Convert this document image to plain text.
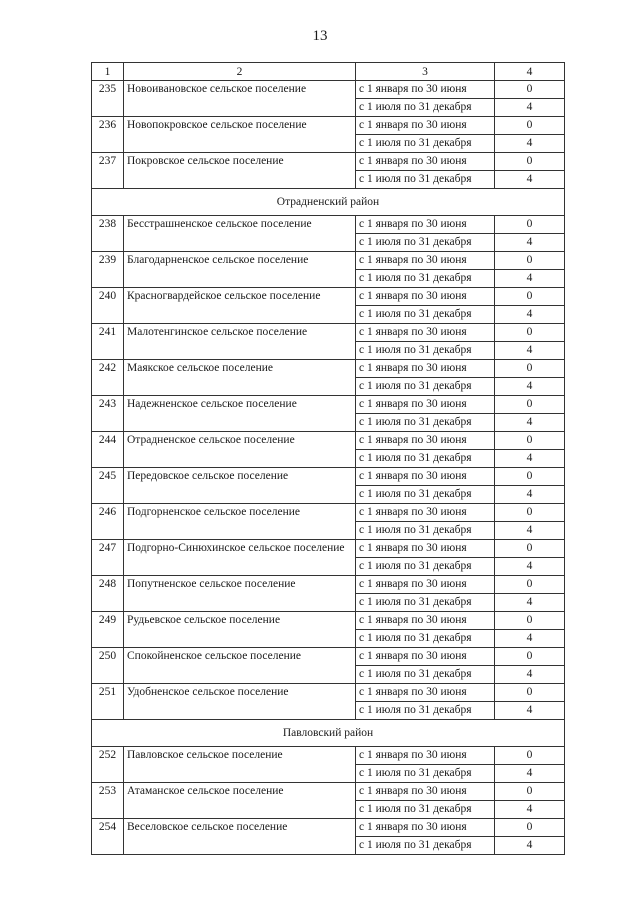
13
1	2	3	4
235	Новоивановское сельское поселение	с 1 января по 30 июня	0
		с 1 июля по 31 декабря	4
236	Новопокровское сельское поселение	с 1 января по 30 июня	0
		с 1 июля по 31 декабря	4
237	Покровское сельское поселение	с 1 января по 30 июня	0
		с 1 июля по 31 декабря	4
Отрадненский район			
238	Бесстрашненское сельское поселение	с 1 января по 30 июня	0
		с 1 июля по 31 декабря	4
239	Благодарненское сельское поселение	с 1 января по 30 июня	0
		с 1 июля по 31 декабря	4
240	Красногвардейское сельское поселение	с 1 января по 30 июня	0
		с 1 июля по 31 декабря	4
241	Малотенгинское сельское поселение	с 1 января по 30 июня	0
		с 1 июля по 31 декабря	4
242	Маякское сельское поселение	с 1 января по 30 июня	0
		с 1 июля по 31 декабря	4
243	Надежненское сельское поселение	с 1 января по 30 июня	0
		с 1 июля по 31 декабря	4
244	Отрадненское сельское поселение	с 1 января по 30 июня	0
		с 1 июля по 31 декабря	4
245	Передовское сельское поселение	с 1 января по 30 июня	0
		с 1 июля по 31 декабря	4
246	Подгорненское сельское поселение	с 1 января по 30 июня	0
		с 1 июля по 31 декабря	4
247	Подгорно-Синюхинское сельское поселение	с 1 января по 30 июня	0
		с 1 июля по 31 декабря	4
248	Попутненское сельское поселение	с 1 января по 30 июня	0
		с 1 июля по 31 декабря	4
249	Рудьевское сельское поселение	с 1 января по 30 июня	0
		с 1 июля по 31 декабря	4
250	Спокойненское сельское поселение	с 1 января по 30 июня	0
		с 1 июля по 31 декабря	4
251	Удобненское сельское поселение	с 1 января по 30 июня	0
		с 1 июля по 31 декабря	4
Павловский район			
252	Павловское сельское поселение	с 1 января по 30 июня	0
		с 1 июля по 31 декабря	4
253	Атаманское сельское поселение	с 1 января по 30 июня	0
		с 1 июля по 31 декабря	4
254	Веселовское сельское поселение	с 1 января по 30 июня	0
		с 1 июля по 31 декабря	4
